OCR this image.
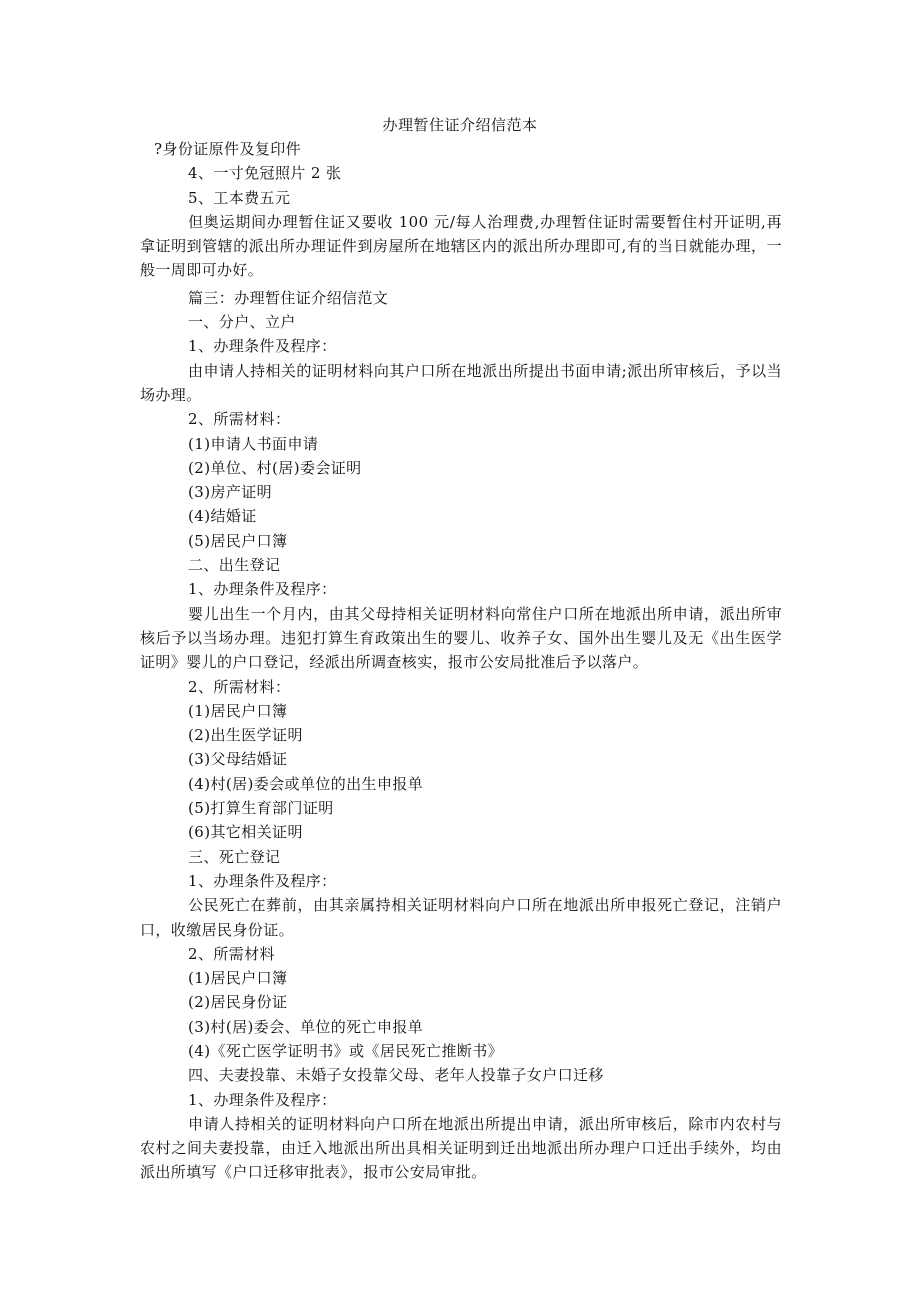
办理暂住证介绍信范本

?身份证原件及复印件

4、一寸免冠照片 2 张

5、工本费五元

但奥运期间办理暂住证又要收 100 元/每人治理费,办理暂住证时需要暂住村开证明,再拿证明到管辖的派出所办理证件到房屋所在地辖区内的派出所办理即可,有的当日就能办理，一般一周即可办好。

篇三：办理暂住证介绍信范文

一、分户、立户

1、办理条件及程序：

由申请人持相关的证明材料向其户口所在地派出所提出书面申请;派出所审核后，予以当场办理。

2、所需材料：

(1)申请人书面申请

(2)单位、村(居)委会证明

(3)房产证明

(4)结婚证

(5)居民户口簿

二、出生登记

1、办理条件及程序：

婴儿出生一个月内，由其父母持相关证明材料向常住户口所在地派出所申请，派出所审核后予以当场办理。违犯打算生育政策出生的婴儿、收养子女、国外出生婴儿及无《出生医学证明》婴儿的户口登记，经派出所调查核实，报市公安局批准后予以落户。

2、所需材料：

(1)居民户口簿

(2)出生医学证明

(3)父母结婚证

(4)村(居)委会或单位的出生申报单

(5)打算生育部门证明

(6)其它相关证明

三、死亡登记

1、办理条件及程序：

公民死亡在葬前，由其亲属持相关证明材料向户口所在地派出所申报死亡登记，注销户口，收缴居民身份证。

2、所需材料

(1)居民户口簿

(2)居民身份证

(3)村(居)委会、单位的死亡申报单

(4)《死亡医学证明书》或《居民死亡推断书》

四、夫妻投靠、未婚子女投靠父母、老年人投靠子女户口迁移

1、办理条件及程序：

申请人持相关的证明材料向户口所在地派出所提出申请，派出所审核后，除市内农村与农村之间夫妻投靠，由迁入地派出所出具相关证明到迁出地派出所办理户口迁出手续外，均由派出所填写《户口迁移审批表》，报市公安局审批。
